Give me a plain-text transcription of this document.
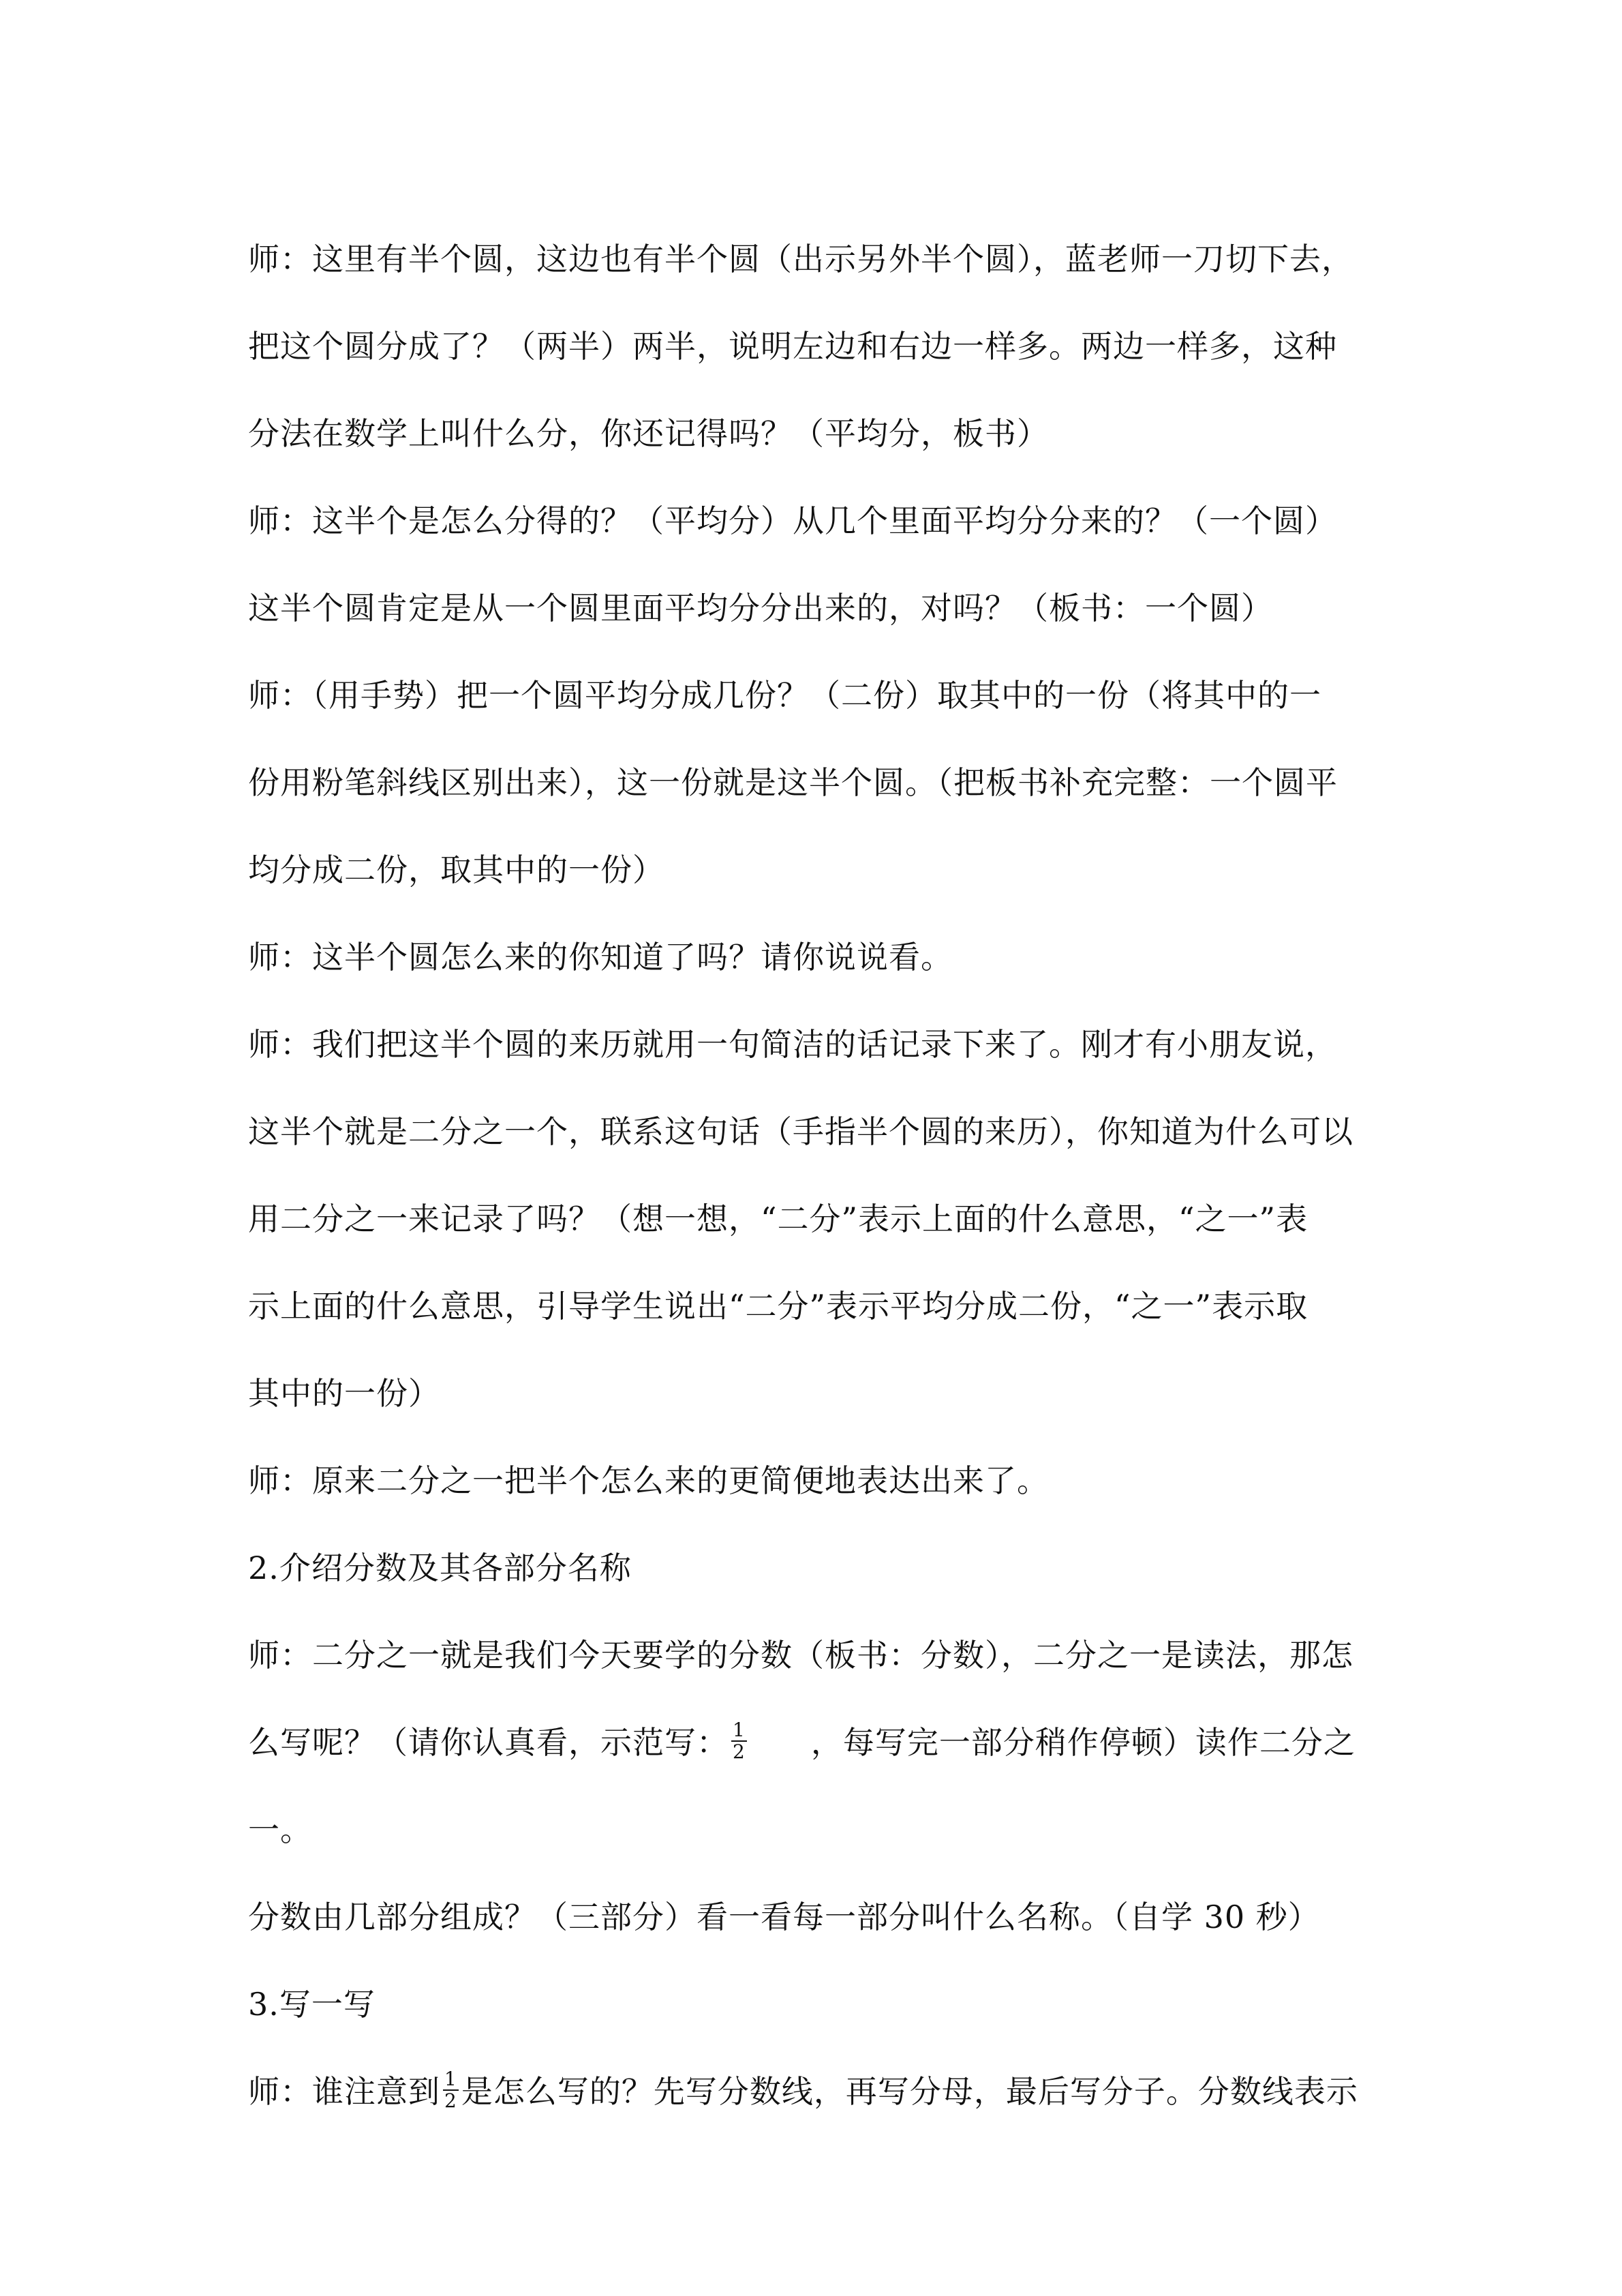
师：这里有半个圆，这边也有半个圆（出示另外半个圆），蓝老师一刀切下去，
把这个圆分成了？（两半）两半，说明左边和右边一样多。两边一样多，这种
分法在数学上叫什么分，你还记得吗？（平均分，板书）
师：这半个是怎么分得的？（平均分）从几个里面平均分分来的？（一个圆）
这半个圆肯定是从一个圆里面平均分分出来的，对吗？（板书：一个圆）
师：（用手势）把一个圆平均分成几份？（二份）取其中的一份（将其中的一
份用粉笔斜线区别出来），这一份就是这半个圆。（把板书补充完整：一个圆平
均分成二份，取其中的一份）
师：这半个圆怎么来的你知道了吗？请你说说看。
师：我们把这半个圆的来历就用一句简洁的话记录下来了。刚才有小朋友说，
这半个就是二分之一个，联系这句话（手指半个圆的来历），你知道为什么可以
用二分之一来记录了吗？（想一想，“二分”表示上面的什么意思，“之一”表
示上面的什么意思，引导学生说出“二分”表示平均分成二份，“之一”表示取
其中的一份）
师：原来二分之一把半个怎么来的更简便地表达出来了。
2.介绍分数及其各部分名称
师：二分之一就是我们今天要学的分数（板书：分数），二分之一是读法，那怎
么写呢？（请你认真看，示范写： $\frac{1}{2}$ ，每写完一部分稍作停顿）读作二分之
一。
分数由几部分组成？（三部分）看一看每一部分叫什么名称。（自学 30 秒）
3.写一写
师：谁注意到 $\frac{1}{2}$ 是怎么写的？先写分数线，再写分母，最后写分子。分数线表示
